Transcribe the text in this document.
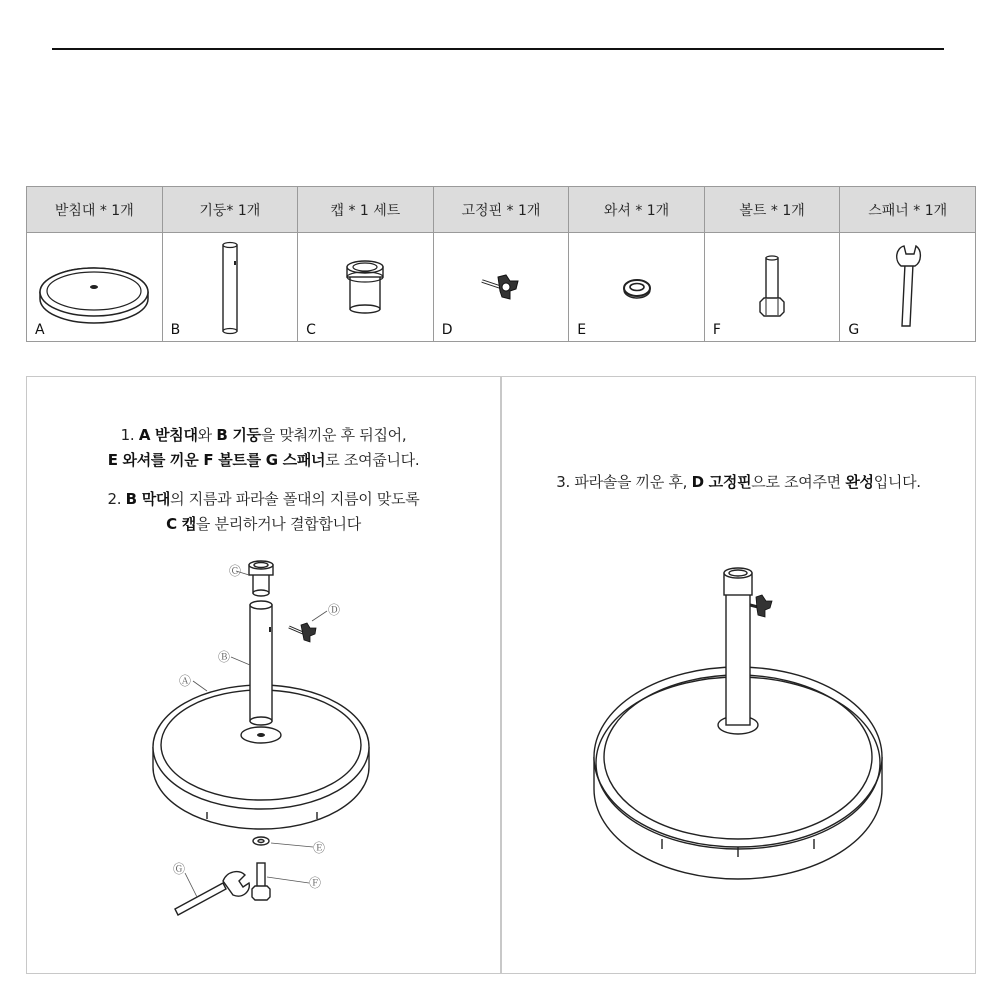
받침대 * 1개	기둥* 1개	캡 * 1 세트	고정핀 * 1개	와셔 * 1개	볼트 * 1개	스패너 * 1개

A	B	C	D	E	F	G
1. A 받침대와 B 기둥을 맞춰끼운 후 뒤집어,
E 와셔를 끼운 F 볼트를 G 스패너로 조여줍니다.
2. B 막대의 지름과 파라솔 폴대의 지름이 맞도록
C 캡을 분리하거나 결합합니다
Ⓒ
Ⓓ
Ⓑ
Ⓐ
Ⓔ
Ⓕ
Ⓖ
3. 파라솔을 끼운 후, D 고정핀으로 조여주면 완성입니다.
